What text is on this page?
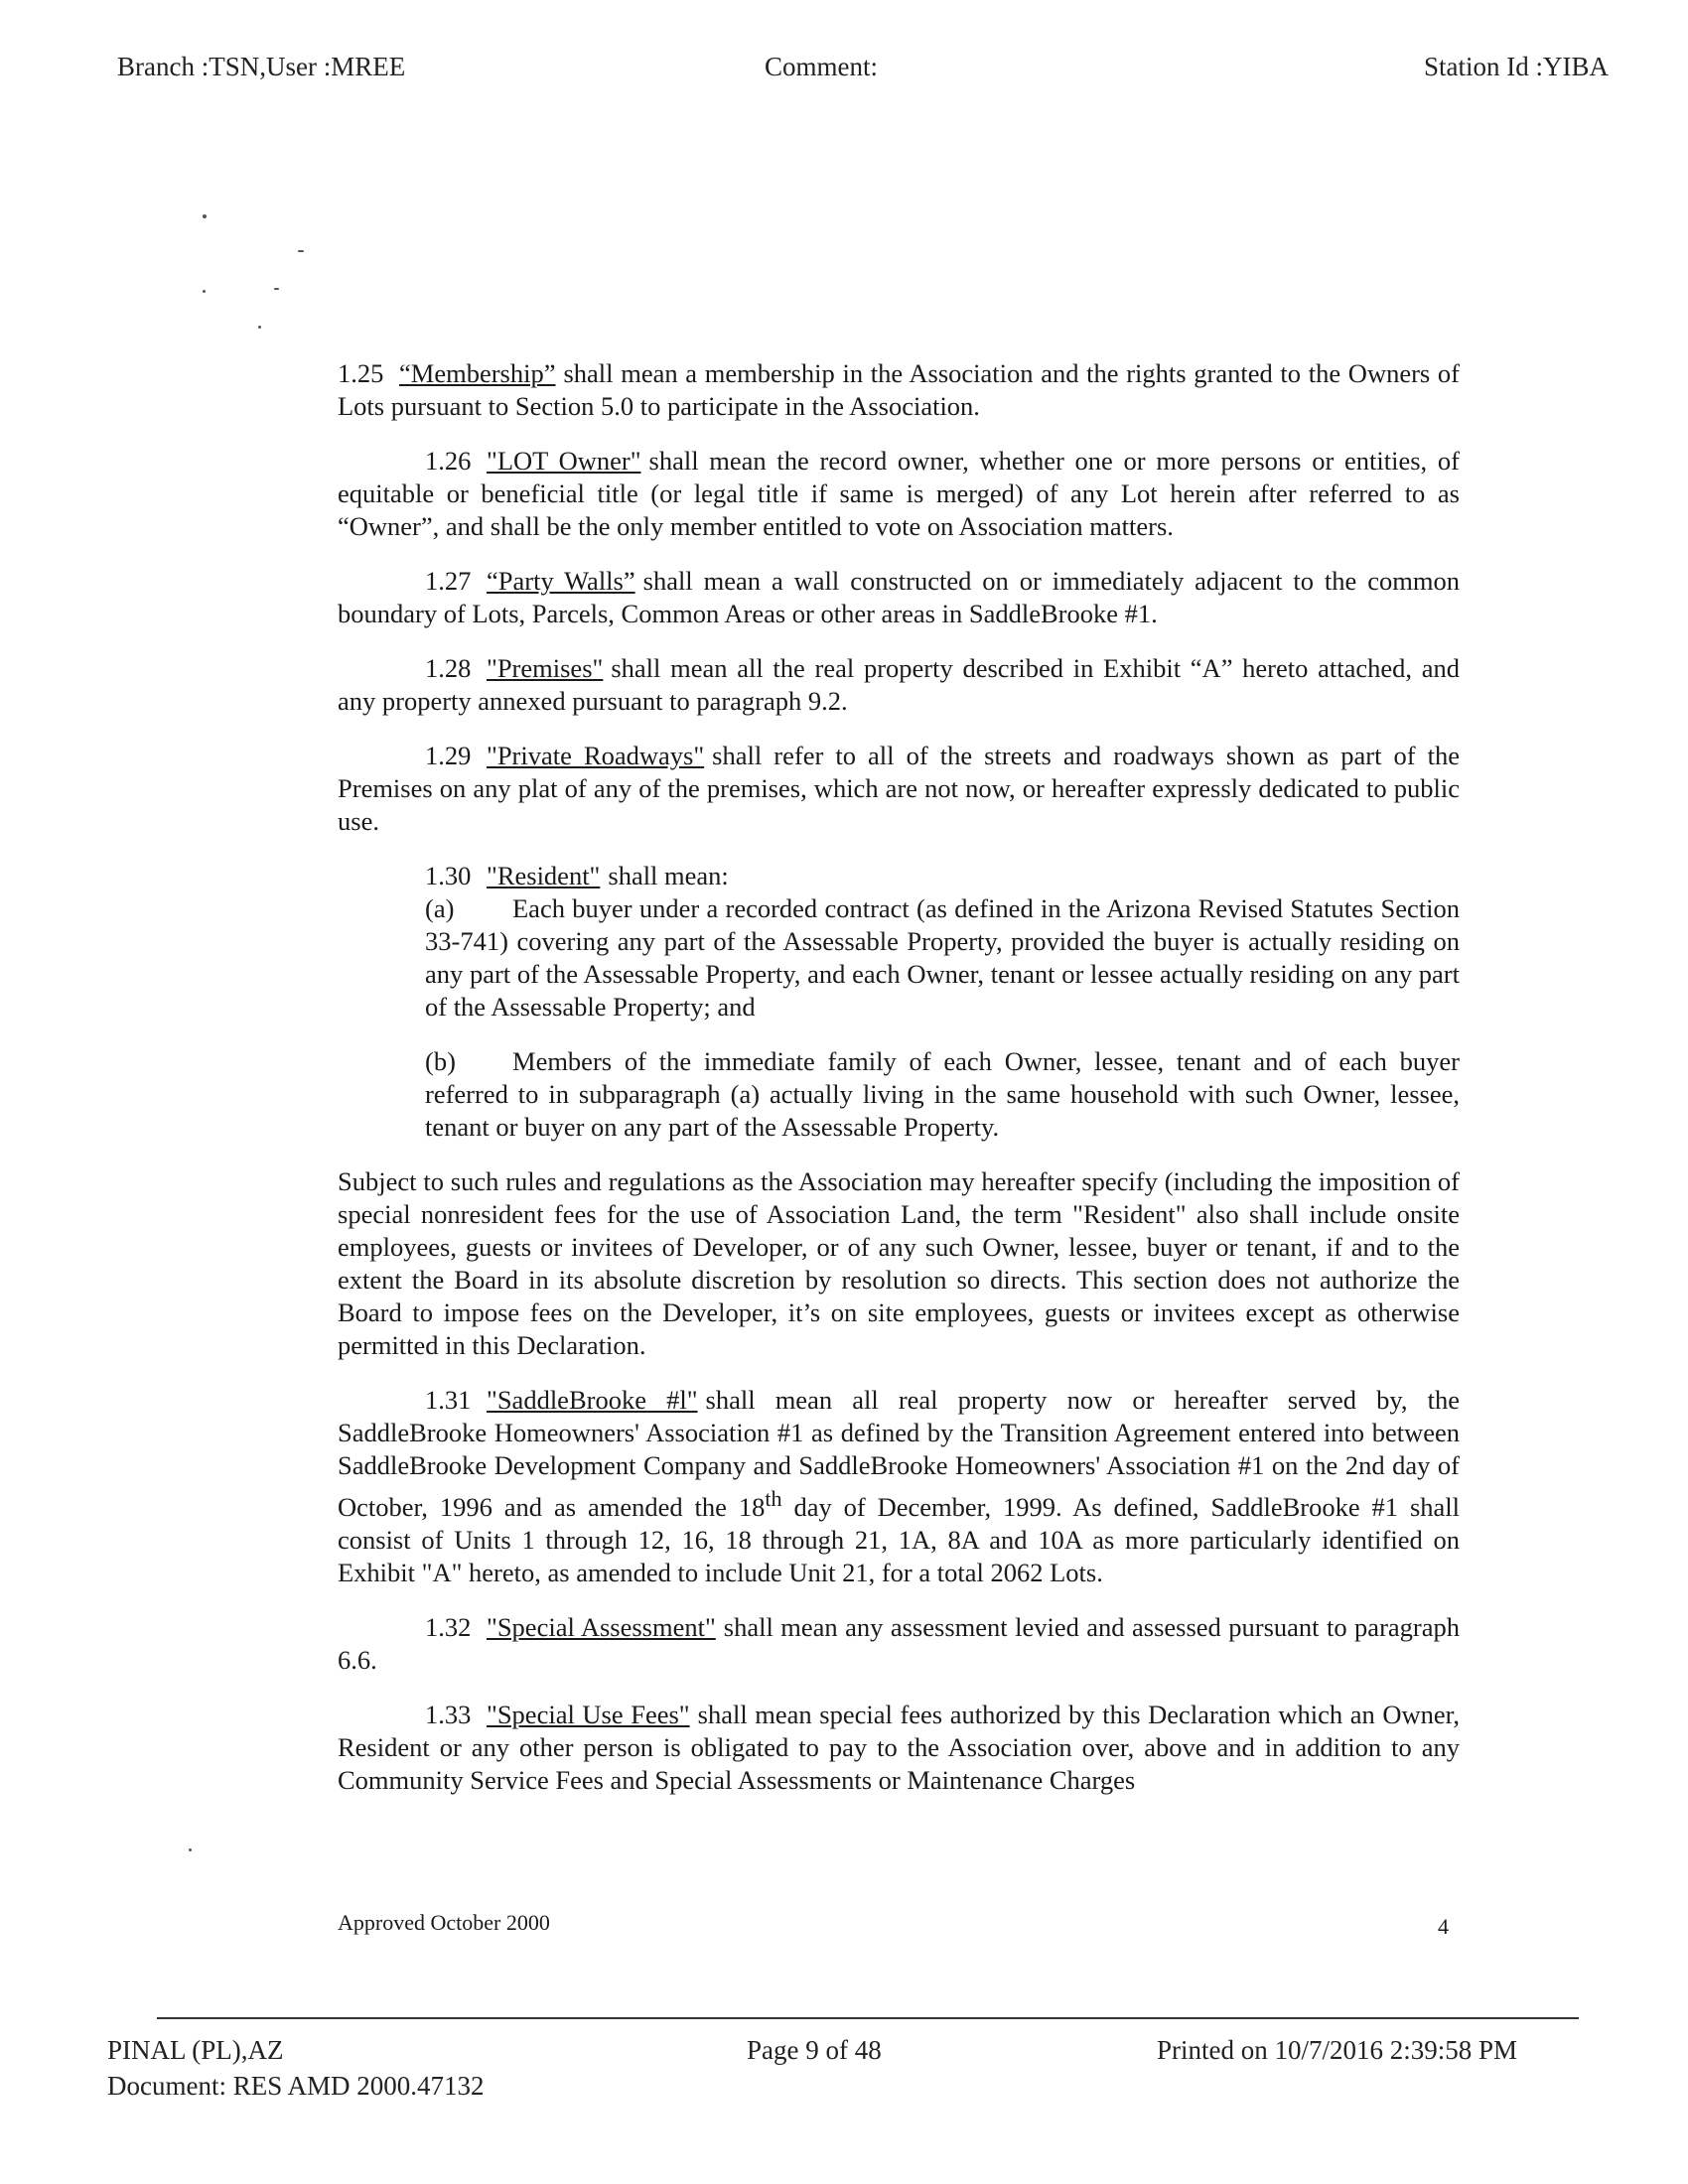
Branch :TSN,User :MREE	Comment:	Station Id :YIBA

1.25 “Membership” shall mean a membership in the Association and the rights granted to the Owners of Lots pursuant to Section 5.0 to participate in the Association.

1.26 "LOT Owner" shall mean the record owner, whether one or more persons or entities, of equitable or beneficial title (or legal title if same is merged) of any Lot herein after referred to as “Owner”, and shall be the only member entitled to vote on Association matters.

1.27 “Party Walls” shall mean a wall constructed on or immediately adjacent to the common boundary of Lots, Parcels, Common Areas or other areas in SaddleBrooke #1.

1.28 "Premises" shall mean all the real property described in Exhibit “A” hereto attached, and any property annexed pursuant to paragraph 9.2.

1.29 "Private Roadways" shall refer to all of the streets and roadways shown as part of the Premises on any plat of any of the premises, which are not now, or hereafter expressly dedicated to public use.

1.30 "Resident" shall mean:

(a) Each buyer under a recorded contract (as defined in the Arizona Revised Statutes Section 33-741) covering any part of the Assessable Property, provided the buyer is actually residing on any part of the Assessable Property, and each Owner, tenant or lessee actually residing on any part of the Assessable Property; and

(b) Members of the immediate family of each Owner, lessee, tenant and of each buyer referred to in subparagraph (a) actually living in the same household with such Owner, lessee, tenant or buyer on any part of the Assessable Property.

Subject to such rules and regulations as the Association may hereafter specify (including the imposition of special nonresident fees for the use of Association Land, the term "Resident" also shall include onsite employees, guests or invitees of Developer, or of any such Owner, lessee, buyer or tenant, if and to the extent the Board in its absolute discretion by resolution so directs. This section does not authorize the Board to impose fees on the Developer, it’s on site employees, guests or invitees except as otherwise permitted in this Declaration.

1.31 "SaddleBrooke #l" shall mean all real property now or hereafter served by, the SaddleBrooke Homeowners' Association #1 as defined by the Transition Agreement entered into between SaddleBrooke Development Company and SaddleBrooke Homeowners' Association #1 on the 2nd day of October, 1996 and as amended the 18th day of December, 1999. As defined, SaddleBrooke #1 shall consist of Units 1 through 12, 16, 18 through 21, 1A, 8A and 10A as more particularly identified on Exhibit "A" hereto, as amended to include Unit 21, for a total 2062 Lots.

1.32 "Special Assessment" shall mean any assessment levied and assessed pursuant to paragraph 6.6.

1.33 "Special Use Fees" shall mean special fees authorized by this Declaration which an Owner, Resident or any other person is obligated to pay to the Association over, above and in addition to any Community Service Fees and Special Assessments or Maintenance Charges

Approved October 2000	4
PINAL (PL),AZ
Document: RES AMD 2000.47132
Page 9 of 48	Printed on 10/7/2016 2:39:58 PM
